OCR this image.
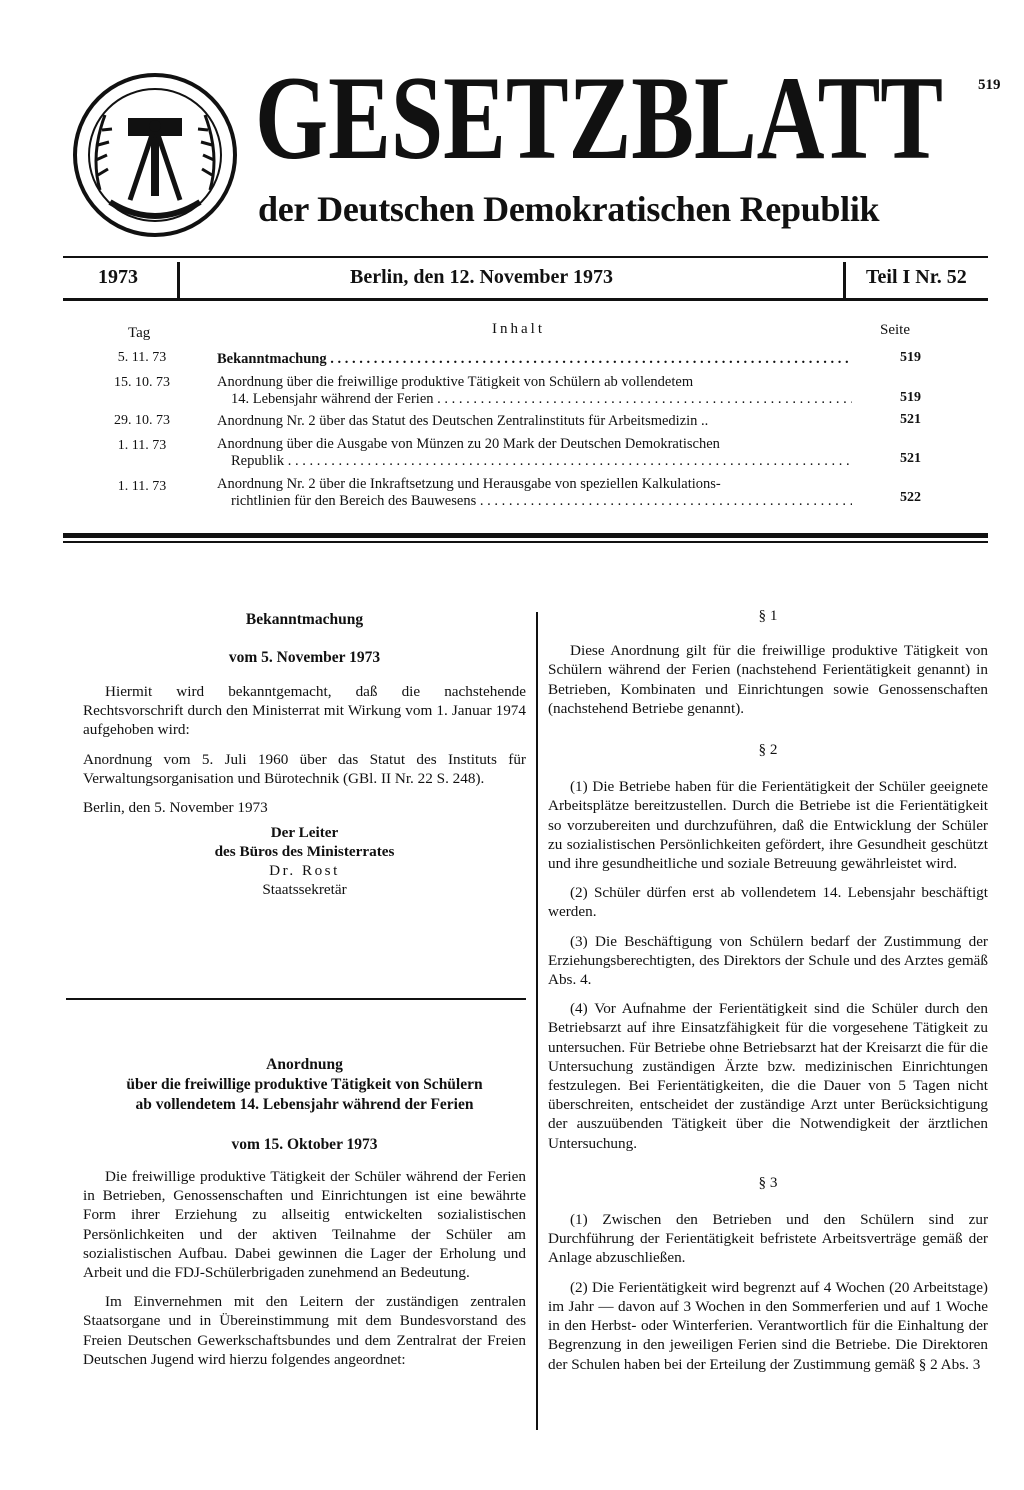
GESETZBLATT
der Deutschen Demokratischen Republik
519
1973	Berlin, den 12. November 1973	Teil I Nr. 52
Tag	Inhalt	Seite
5. 11. 73	Bekanntmachung . . .	519
15. 10. 73	Anordnung über die freiwillige produktive Tätigkeit von Schülern ab vollendetem
14. Lebensjahr während der Ferien . . .	519
29. 10. 73	Anordnung Nr. 2 über das Statut des Deutschen Zentralinstituts für Arbeitsmedizin ..	521
1. 11. 73	Anordnung über die Ausgabe von Münzen zu 20 Mark der Deutschen Demokratischen
Republik . . .	521
1. 11. 73	Anordnung Nr. 2 über die Inkraftsetzung und Herausgabe von speziellen Kalkulations-
richtlinien für den Bereich des Bauwesens . . .	522
Bekanntmachung
vom 5. November 1973

Hiermit wird bekanntgemacht, daß die nachstehende Rechtsvorschrift durch den Ministerrat mit Wirkung vom 1. Januar 1974 aufgehoben wird:

Anordnung vom 5. Juli 1960 über das Statut des Instituts für Verwaltungsorganisation und Bürotechnik (GBl. II Nr. 22 S. 248).

Berlin, den 5. November 1973

Der Leiter
des Büros des Ministerrates
Dr. Rost
Staatssekretär
Anordnung
über die freiwillige produktive Tätigkeit von Schülern
ab vollendetem 14. Lebensjahr während der Ferien
vom 15. Oktober 1973

Die freiwillige produktive Tätigkeit der Schüler während der Ferien in Betrieben, Genossenschaften und Einrichtungen ist eine bewährte Form ihrer Erziehung zu allseitig entwickelten sozialistischen Persönlichkeiten und der aktiven Teilnahme der Schüler am sozialistischen Aufbau. Dabei gewinnen die Lager der Erholung und Arbeit und die FDJ-Schülerbrigaden zunehmend an Bedeutung.

Im Einvernehmen mit den Leitern der zuständigen zentralen Staatsorgane und in Übereinstimmung mit dem Bundesvorstand des Freien Deutschen Gewerkschaftsbundes und dem Zentralrat der Freien Deutschen Jugend wird hierzu folgendes angeordnet:

§ 1

Diese Anordnung gilt für die freiwillige produktive Tätigkeit von Schülern während der Ferien (nachstehend Ferientätigkeit genannt) in Betrieben, Kombinaten und Einrichtungen sowie Genossenschaften (nachstehend Betriebe genannt).

§ 2

(1) Die Betriebe haben für die Ferientätigkeit der Schüler geeignete Arbeitsplätze bereitzustellen. Durch die Betriebe ist die Ferientätigkeit so vorzubereiten und durchzuführen, daß die Entwicklung der Schüler zu sozialistischen Persönlichkeiten gefördert, ihre Gesundheit geschützt und ihre gesundheitliche und soziale Betreuung gewährleistet wird.

(2) Schüler dürfen erst ab vollendetem 14. Lebensjahr beschäftigt werden.

(3) Die Beschäftigung von Schülern bedarf der Zustimmung der Erziehungsberechtigten, des Direktors der Schule und des Arztes gemäß Abs. 4.

(4) Vor Aufnahme der Ferientätigkeit sind die Schüler durch den Betriebsarzt auf ihre Einsatzfähigkeit für die vorgesehene Tätigkeit zu untersuchen. Für Betriebe ohne Betriebsarzt hat der Kreisarzt die für die Untersuchung zuständigen Ärzte bzw. medizinischen Einrichtungen festzulegen. Bei Ferientätigkeiten, die die Dauer von 5 Tagen nicht überschreiten, entscheidet der zuständige Arzt unter Berücksichtigung der auszuübenden Tätigkeit über die Notwendigkeit der ärztlichen Untersuchung.

§ 3

(1) Zwischen den Betrieben und den Schülern sind zur Durchführung der Ferientätigkeit befristete Arbeitsverträge gemäß der Anlage abzuschließen.

(2) Die Ferientätigkeit wird begrenzt auf 4 Wochen (20 Arbeitstage) im Jahr — davon auf 3 Wochen in den Sommerferien und auf 1 Woche in den Herbst- oder Winterferien. Verantwortlich für die Einhaltung der Begrenzung in den jeweiligen Ferien sind die Betriebe. Die Direktoren der Schulen haben bei der Erteilung der Zustimmung gemäß § 2 Abs. 3
